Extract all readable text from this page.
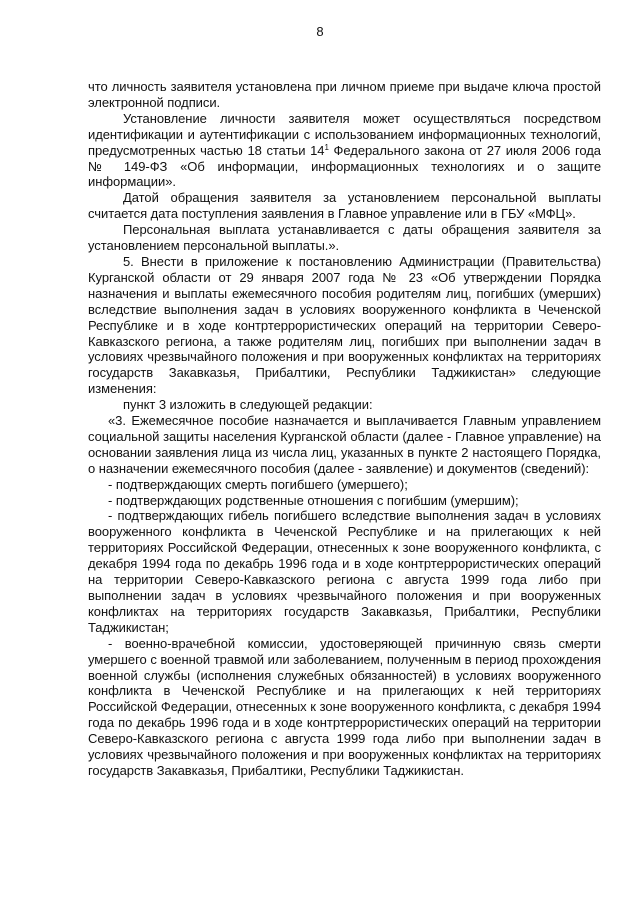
8

что личность заявителя установлена при личном приеме при выдаче ключа простой электронной подписи.

Установление личности заявителя может осуществляться посредством идентификации и аутентификации с использованием информационных технологий, предусмотренных частью 18 статьи $14^1$ Федерального закона от 27 июля 2006 года № 149-ФЗ «Об информации, информационных технологиях и о защите информации».

Датой обращения заявителя за установлением персональной выплаты считается дата поступления заявления в Главное управление или в ГБУ «МФЦ».

Персональная выплата устанавливается с даты обращения заявителя за установлением персональной выплаты.».

5. Внести в приложение к постановлению Администрации (Правительства) Курганской области от 29 января 2007 года № 23 «Об утверждении Порядка назначения и выплаты ежемесячного пособия родителям лиц, погибших (умерших) вследствие выполнения задач в условиях вооруженного конфликта в Чеченской Республике и в ходе контртеррористических операций на территории Северо-Кавказского региона, а также родителям лиц, погибших при выполнении задач в условиях чрезвычайного положения и при вооруженных конфликтах на территориях государств Закавказья, Прибалтики, Республики Таджикистан» следующие изменения:

пункт 3 изложить в следующей редакции:

«3. Ежемесячное пособие назначается и выплачивается Главным управлением социальной защиты населения Курганской области (далее - Главное управление) на основании заявления лица из числа лиц, указанных в пункте 2 настоящего Порядка, о назначении ежемесячного пособия (далее - заявление) и документов (сведений):

- подтверждающих смерть погибшего (умершего);

- подтверждающих родственные отношения с погибшим (умершим);

- подтверждающих гибель погибшего вследствие выполнения задач в условиях вооруженного конфликта в Чеченской Республике и на прилегающих к ней территориях Российской Федерации, отнесенных к зоне вооруженного конфликта, с декабря 1994 года по декабрь 1996 года и в ходе контртеррористических операций на территории Северо-Кавказского региона с августа 1999 года либо при выполнении задач в условиях чрезвычайного положения и при вооруженных конфликтах на территориях государств Закавказья, Прибалтики, Республики Таджикистан;

- военно-врачебной комиссии, удостоверяющей причинную связь смерти умершего с военной травмой или заболеванием, полученным в период прохождения военной службы (исполнения служебных обязанностей) в условиях вооруженного конфликта в Чеченской Республике и на прилегающих к ней территориях Российской Федерации, отнесенных к зоне вооруженного конфликта, с декабря 1994 года по декабрь 1996 года и в ходе контртеррористических операций на территории Северо-Кавказского региона с августа 1999 года либо при выполнении задач в условиях чрезвычайного положения и при вооруженных конфликтах на территориях государств Закавказья, Прибалтики, Республики Таджикистан.
